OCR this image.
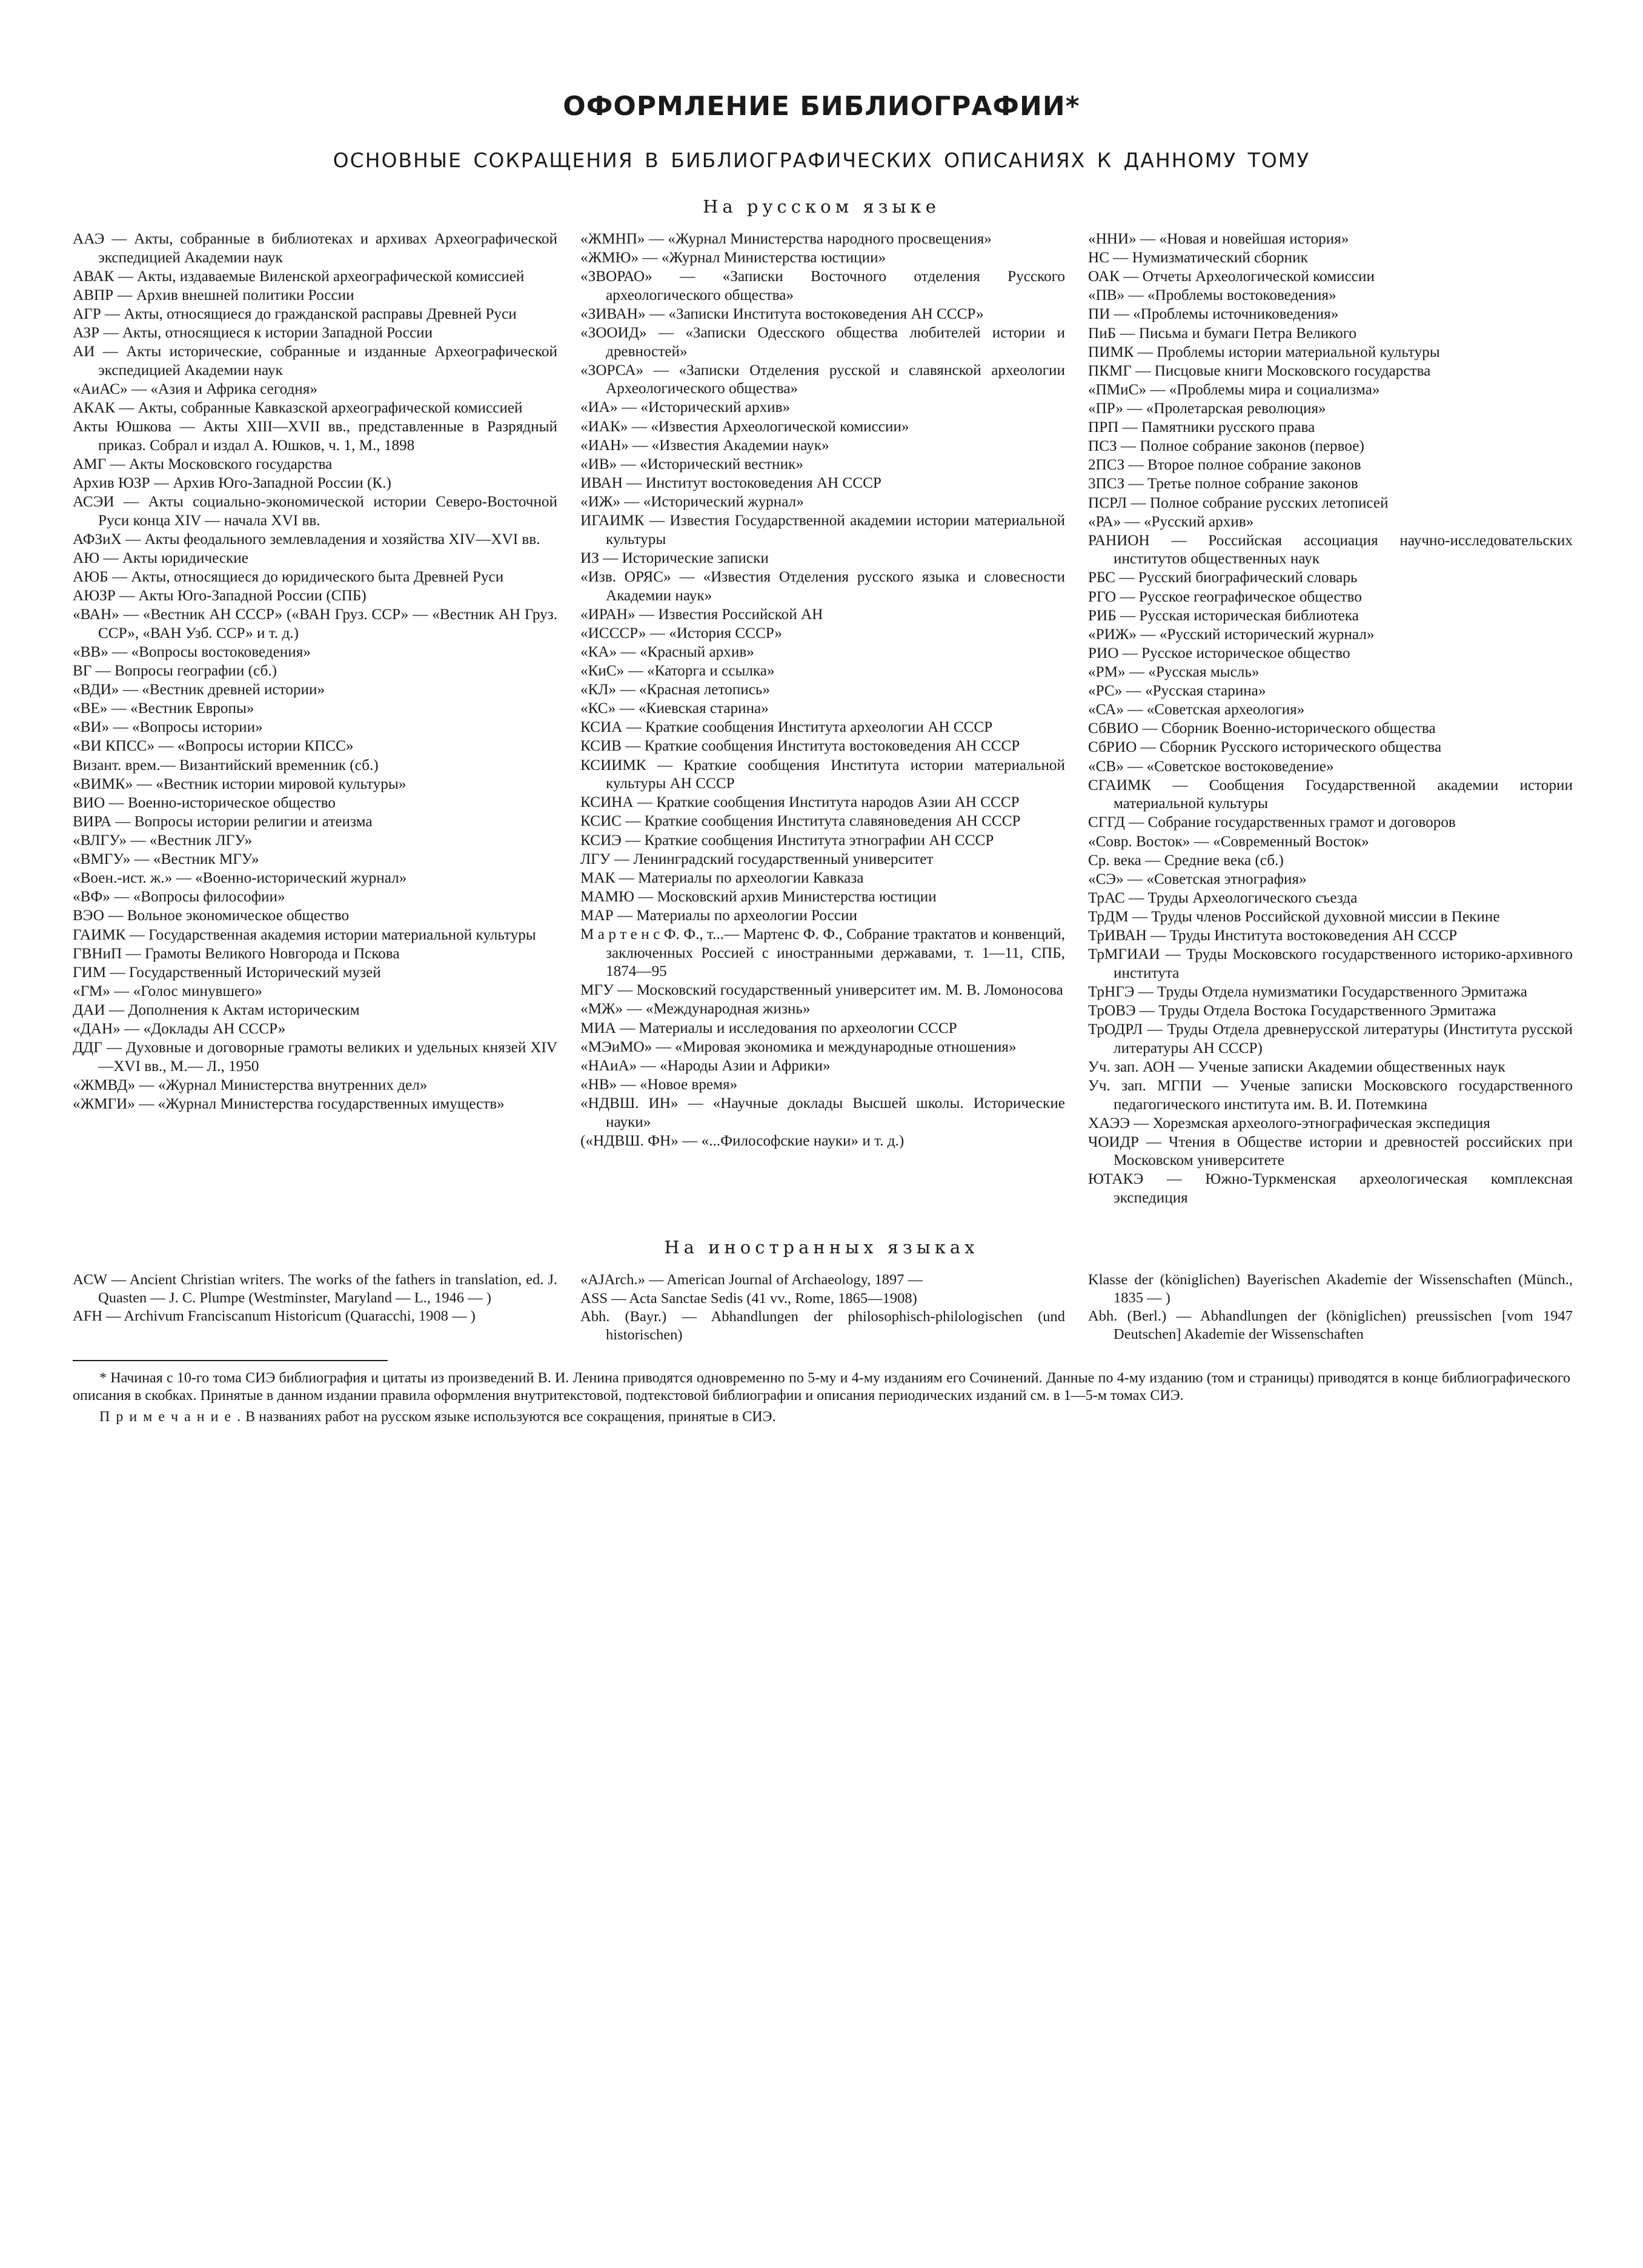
ОФОРМЛЕНИЕ БИБЛИОГРАФИИ*
ОСНОВНЫЕ СОКРАЩЕНИЯ В БИБЛИОГРАФИЧЕСКИХ ОПИСАНИЯХ К ДАННОМУ ТОМУ
На русском языке
ААЭ — Акты, собранные в библиотеках и архивах Археографической экспедицией Академии наук
АВАК — Акты, издаваемые Виленской археографической комиссией
АВПР — Архив внешней политики России
АГР — Акты, относящиеся до гражданской расправы Древней Руси
АЗР — Акты, относящиеся к истории Западной России
АИ — Акты исторические, собранные и изданные Археографической экспедицией Академии наук
«АиАС» — «Азия и Африка сегодня»
АКАК — Акты, собранные Кавказской археографической комиссией
Акты Юшкова — Акты XIII—XVII вв., представленные в Разрядный приказ. Собрал и издал А. Юшков, ч. 1, М., 1898
АМГ — Акты Московского государства
Архив ЮЗР — Архив Юго-Западной России (К.)
АСЭИ — Акты социально-экономической истории Северо-Восточной Руси конца XIV — начала XVI вв.
АФЗиХ — Акты феодального землевладения и хозяйства XIV—XVI вв.
АЮ — Акты юридические
АЮБ — Акты, относящиеся до юридического быта Древней Руси
АЮЗР — Акты Юго-Западной России (СПБ)
«ВАН» — «Вестник АН СССР» («ВАН Груз. ССР» — «Вестник АН Груз. ССР», «ВАН Узб. ССР» и т. д.)
«ВВ» — «Вопросы востоковедения»
ВГ — Вопросы географии (сб.)
«ВДИ» — «Вестник древней истории»
«ВЕ» — «Вестник Европы»
«ВИ» — «Вопросы истории»
«ВИ КПСС» — «Вопросы истории КПСС»
Визант. врем.— Византийский временник (сб.)
«ВИМК» — «Вестник истории мировой культуры»
ВИО — Военно-историческое общество
ВИРА — Вопросы истории религии и атеизма
«ВЛГУ» — «Вестник ЛГУ»
«ВМГУ» — «Вестник МГУ»
«Воен.-ист. ж.» — «Военно-исторический журнал»
«ВФ» — «Вопросы философии»
ВЭО — Вольное экономическое общество
ГАИМК — Государственная академия истории материальной культуры
ГВНиП — Грамоты Великого Новгорода и Пскова
ГИМ — Государственный Исторический музей
«ГМ» — «Голос минувшего»
ДАИ — Дополнения к Актам историческим
«ДАН» — «Доклады АН СССР»
ДДГ — Духовные и договорные грамоты великих и удельных князей XIV—XVI вв., М.— Л., 1950
«ЖМВД» — «Журнал Министерства внутренних дел»
«ЖМГИ» — «Журнал Министерства государственных имуществ»
«ЖМНП» — «Журнал Министерства народного просвещения»
«ЖМЮ» — «Журнал Министерства юстиции»
«ЗВОРАО» — «Записки Восточного отделения Русского археологического общества»
«ЗИВАН» — «Записки Института востоковедения АН СССР»
«ЗООИД» — «Записки Одесского общества любителей истории и древностей»
«ЗОРСА» — «Записки Отделения русской и славянской археологии Археологического общества»
«ИА» — «Исторический архив»
«ИАК» — «Известия Археологической комиссии»
«ИАН» — «Известия Академии наук»
«ИВ» — «Исторический вестник»
ИВАН — Институт востоковедения АН СССР
«ИЖ» — «Исторический журнал»
ИГАИМК — Известия Государственной академии истории материальной культуры
ИЗ — Исторические записки
«Изв. ОРЯС» — «Известия Отделения русского языка и словесности Академии наук»
«ИРАН» — Известия Российской АН
«ИСССР» — «История СССР»
«КА» — «Красный архив»
«КиС» — «Каторга и ссылка»
«КЛ» — «Красная летопись»
«КС» — «Киевская старина»
КСИА — Краткие сообщения Института археологии АН СССР
КСИВ — Краткие сообщения Института востоковедения АН СССР
КСИИМК — Краткие сообщения Института истории материальной культуры АН СССР
КСИНА — Краткие сообщения Института народов Азии АН СССР
КСИС — Краткие сообщения Института славяноведения АН СССР
КСИЭ — Краткие сообщения Института этнографии АН СССР
ЛГУ — Ленинградский государственный университет
МАК — Материалы по археологии Кавказа
МАМЮ — Московский архив Министерства юстиции
МАР — Материалы по археологии России
М а р т е н с Ф. Ф., т...— Мартенс Ф. Ф., Собрание трактатов и конвенций, заключенных Россией с иностранными державами, т. 1—11, СПБ, 1874—95
МГУ — Московский государственный университет им. М. В. Ломоносова
«МЖ» — «Международная жизнь»
МИА — Материалы и исследования по археологии СССР
«МЭиМО» — «Мировая экономика и международные отношения»
«НАиА» — «Народы Азии и Африки»
«НВ» — «Новое время»
«НДВШ. ИН» — «Научные доклады Высшей школы. Исторические науки»
(«НДВШ. ФН» — «...Философские науки» и т. д.)
«ННИ» — «Новая и новейшая история»
НС — Нумизматический сборник
ОАК — Отчеты Археологической комиссии
«ПВ» — «Проблемы востоковедения»
ПИ — «Проблемы источниковедения»
ПиБ — Письма и бумаги Петра Великого
ПИМК — Проблемы истории материальной культуры
ПКМГ — Писцовые книги Московского государства
«ПМиС» — «Проблемы мира и социализма»
«ПР» — «Пролетарская революция»
ПРП — Памятники русского права
ПСЗ — Полное собрание законов (первое)
2ПСЗ — Второе полное собрание законов
3ПСЗ — Третье полное собрание законов
ПСРЛ — Полное собрание русских летописей
«РА» — «Русский архив»
РАНИОН — Российская ассоциация научно-исследовательских институтов общественных наук
РБС — Русский биографический словарь
РГО — Русское географическое общество
РИБ — Русская историческая библиотека
«РИЖ» — «Русский исторический журнал»
РИО — Русское историческое общество
«РМ» — «Русская мысль»
«РС» — «Русская старина»
«СА» — «Советская археология»
СбВИО — Сборник Военно-исторического общества
СбРИО — Сборник Русского исторического общества
«СВ» — «Советское востоковедение»
СГАИМК — Сообщения Государственной академии истории материальной культуры
СГГД — Собрание государственных грамот и договоров
«Совр. Восток» — «Современный Восток»
Ср. века — Средние века (сб.)
«СЭ» — «Советская этнография»
ТрАС — Труды Археологического съезда
ТрДМ — Труды членов Российской духовной миссии в Пекине
ТрИВАН — Труды Института востоковедения АН СССР
ТрМГИАИ — Труды Московского государственного историко-архивного института
ТрНГЭ — Труды Отдела нумизматики Государственного Эрмитажа
ТрОВЭ — Труды Отдела Востока Государственного Эрмитажа
ТрОДРЛ — Труды Отдела древнерусской литературы (Института русской литературы АН СССР)
Уч. зап. АОН — Ученые записки Академии общественных наук
Уч. зап. МГПИ — Ученые записки Московского государственного педагогического института им. В. И. Потемкина
ХАЭЭ — Хорезмская археолого-этнографическая экспедиция
ЧОИДР — Чтения в Обществе истории и древностей российских при Московском университете
ЮТАКЭ — Южно-Туркменская археологическая комплексная экспедиция
На иностранных языках
ACW — Ancient Christian writers. The works of the fathers in translation, ed. J. Quasten — J. C. Plumpe (Westminster, Maryland — L., 1946 — )
AFH — Archivum Franciscanum Historicum (Quaracchi, 1908 — )
«AJArch.» — American Journal of Archaeology, 1897 —
ASS — Acta Sanctae Sedis (41 vv., Rome, 1865—1908)
Abh. (Bayr.) — Abhandlungen der philosophisch-philologischen (und historischen)
Klasse der (königlichen) Bayerischen Akademie der Wissenschaften (Münch., 1835 — )
Abh. (Berl.) — Abhandlungen der (königlichen) preussischen [vom 1947 Deutschen] Akademie der Wissenschaften

* Начиная с 10-го тома СИЭ библиография и цитаты из произведений В. И. Ленина приводятся одновременно по 5-му и 4-му изданиям его Сочинений. Данные по 4-му изданию (том и страницы) приводятся в конце библиографического описания в скобках. Принятые в данном издании правила оформления внутритекстовой, подтекстовой библиографии и описания периодических изданий см. в 1—5-м томах СИЭ.

П р и м е ч а н и е . В названиях работ на русском языке используются все сокращения, принятые в СИЭ.
